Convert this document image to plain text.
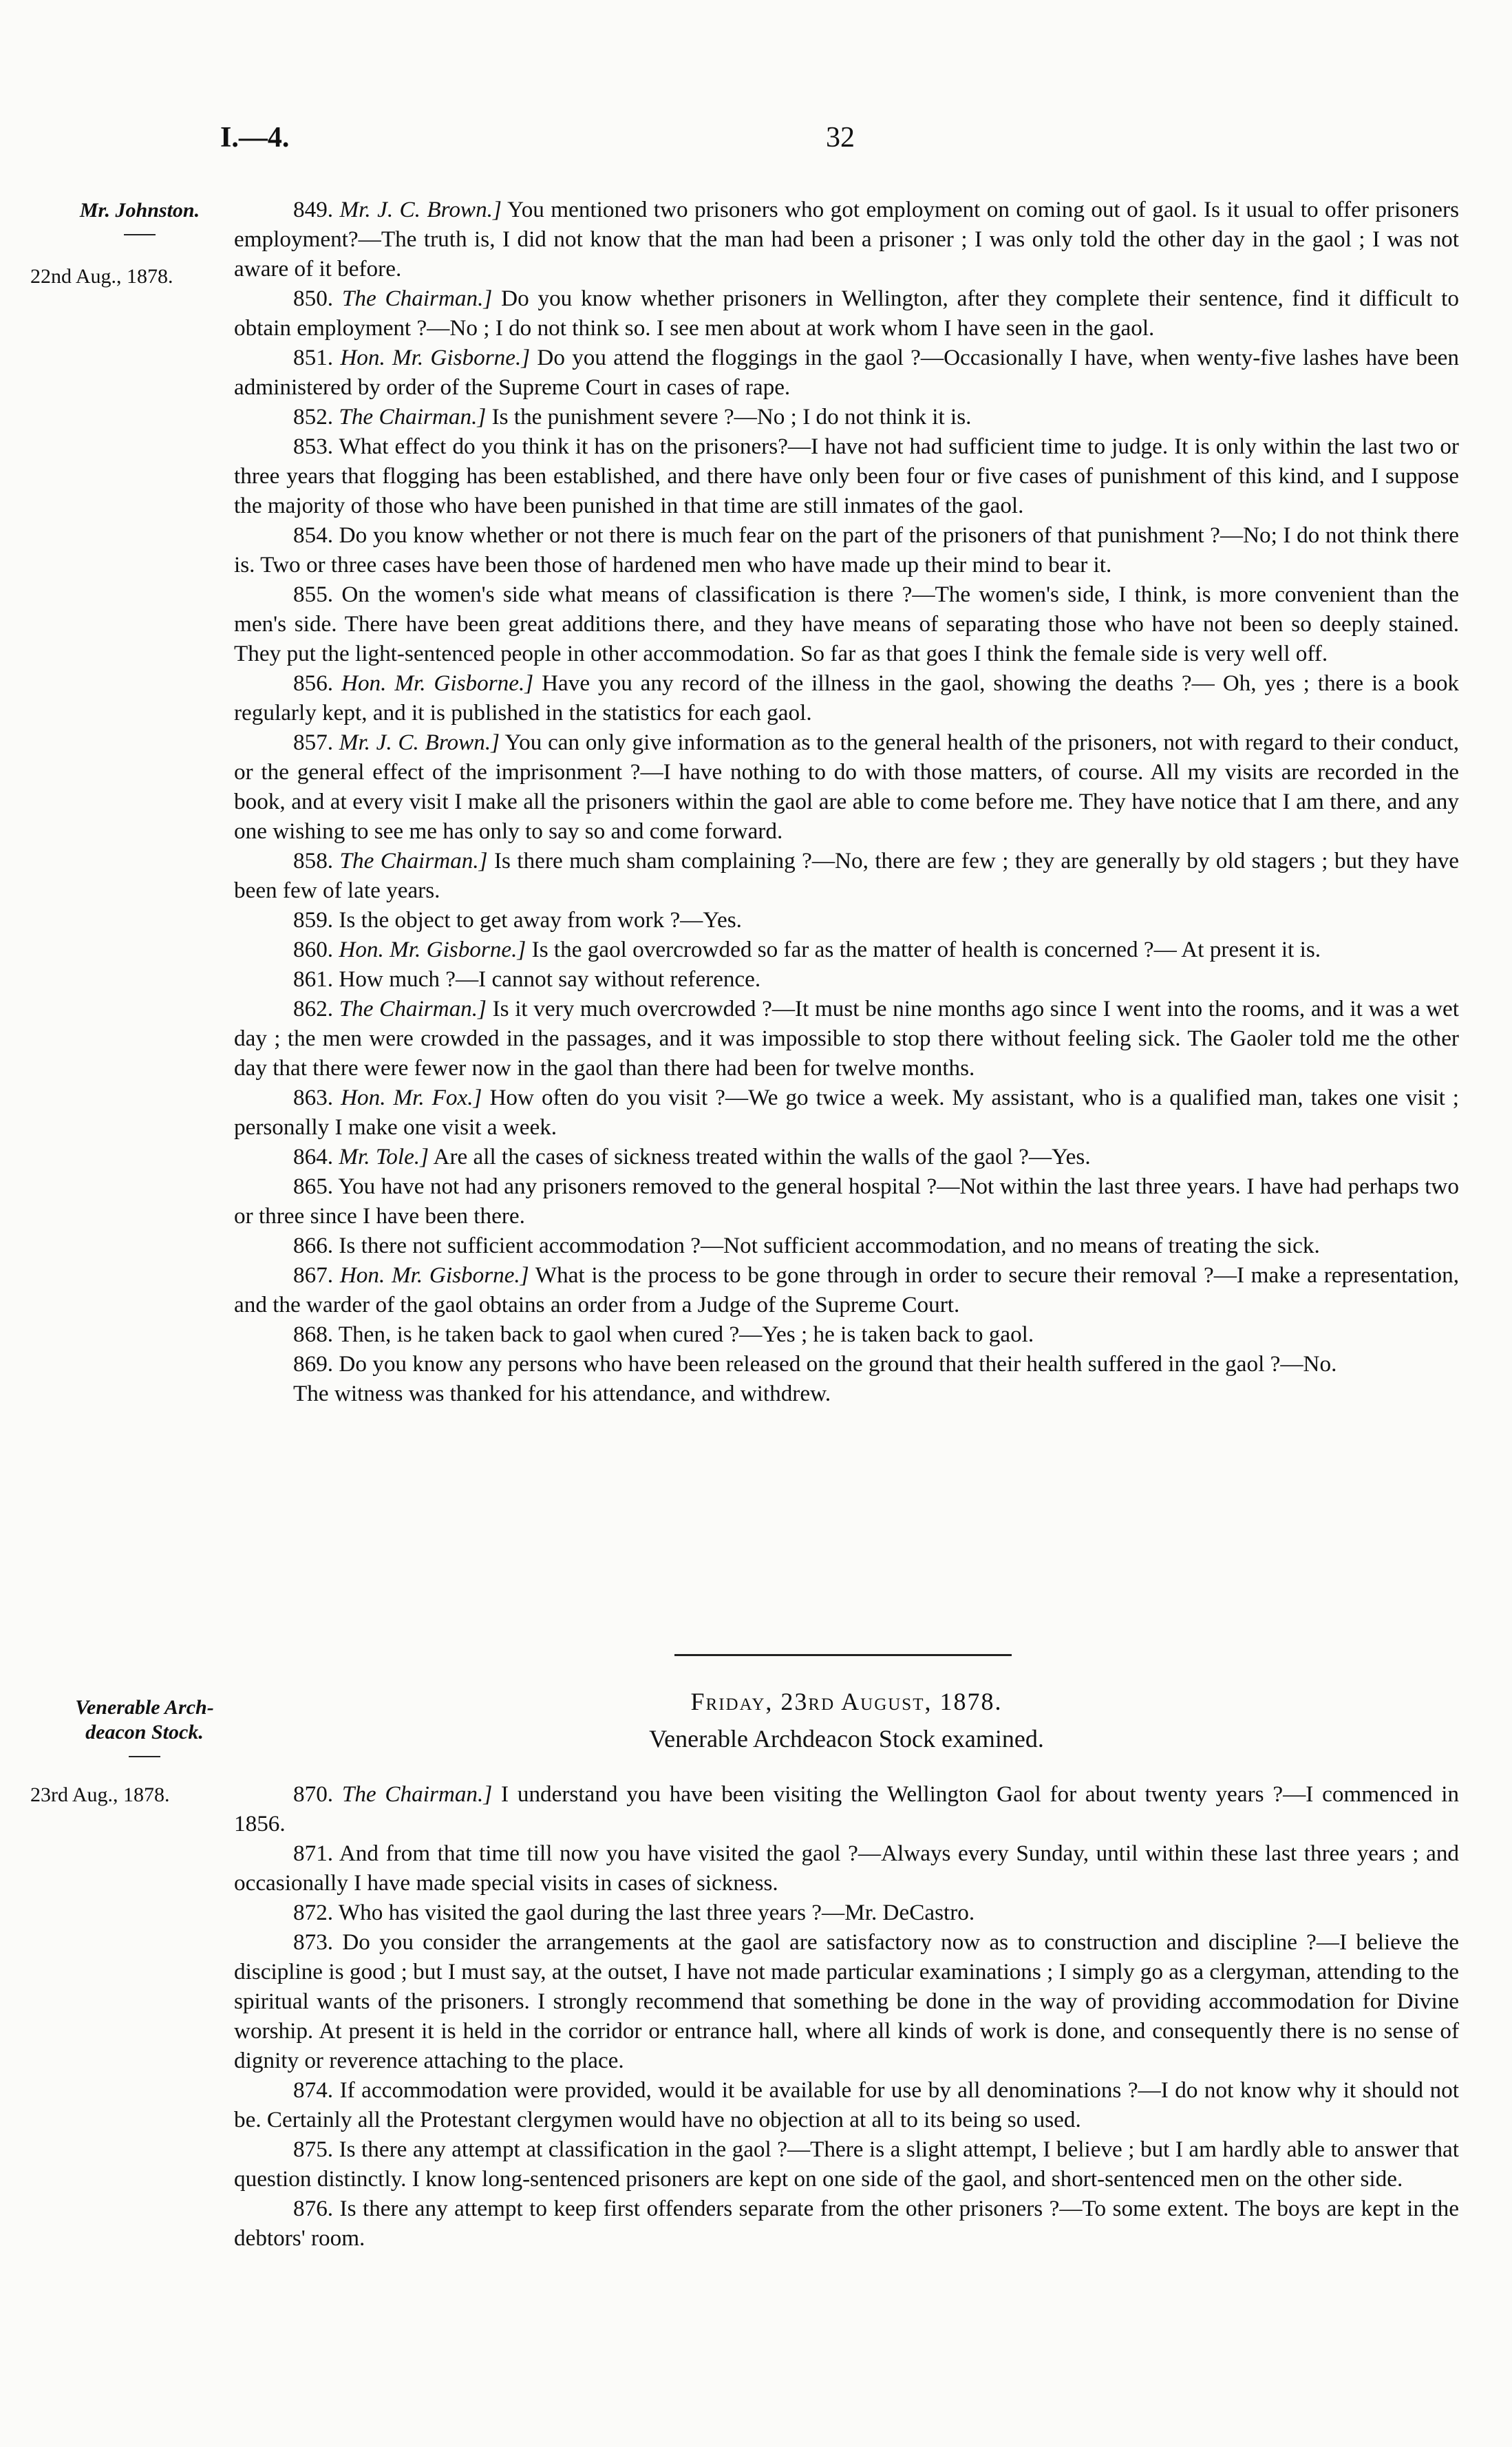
I.—4.	32
Mr. Johnston.
22nd Aug., 1878.

849. Mr. J. C. Brown.] You mentioned two prisoners who got employment on coming out of gaol. Is it usual to offer prisoners employment?—The truth is, I did not know that the man had been a prisoner ; I was only told the other day in the gaol ; I was not aware of it before.

850. The Chairman.] Do you know whether prisoners in Wellington, after they complete their sentence, find it difficult to obtain employment ?—No ; I do not think so. I see men about at work whom I have seen in the gaol.

851. Hon. Mr. Gisborne.] Do you attend the floggings in the gaol ?—Occasionally I have, when wenty-five lashes have been administered by order of the Supreme Court in cases of rape.

852. The Chairman.] Is the punishment severe ?—No ; I do not think it is.

853. What effect do you think it has on the prisoners?—I have not had sufficient time to judge. It is only within the last two or three years that flogging has been established, and there have only been four or five cases of punishment of this kind, and I suppose the majority of those who have been punished in that time are still inmates of the gaol.

854. Do you know whether or not there is much fear on the part of the prisoners of that punishment ?—No; I do not think there is. Two or three cases have been those of hardened men who have made up their mind to bear it.

855. On the women's side what means of classification is there ?—The women's side, I think, is more convenient than the men's side. There have been great additions there, and they have means of separating those who have not been so deeply stained. They put the light-sentenced people in other accommodation. So far as that goes I think the female side is very well off.

856. Hon. Mr. Gisborne.] Have you any record of the illness in the gaol, showing the deaths ?— Oh, yes ; there is a book regularly kept, and it is published in the statistics for each gaol.

857. Mr. J. C. Brown.] You can only give information as to the general health of the prisoners, not with regard to their conduct, or the general effect of the imprisonment ?—I have nothing to do with those matters, of course. All my visits are recorded in the book, and at every visit I make all the prisoners within the gaol are able to come before me. They have notice that I am there, and any one wishing to see me has only to say so and come forward.

858. The Chairman.] Is there much sham complaining ?—No, there are few ; they are generally by old stagers ; but they have been few of late years.

859. Is the object to get away from work ?—Yes.

860. Hon. Mr. Gisborne.] Is the gaol overcrowded so far as the matter of health is concerned ?— At present it is.

861. How much ?—I cannot say without reference.

862. The Chairman.] Is it very much overcrowded ?—It must be nine months ago since I went into the rooms, and it was a wet day ; the men were crowded in the passages, and it was impossible to stop there without feeling sick. The Gaoler told me the other day that there were fewer now in the gaol than there had been for twelve months.

863. Hon. Mr. Fox.] How often do you visit ?—We go twice a week. My assistant, who is a qualified man, takes one visit ; personally I make one visit a week.

864. Mr. Tole.] Are all the cases of sickness treated within the walls of the gaol ?—Yes.

865. You have not had any prisoners removed to the general hospital ?—Not within the last three years. I have had perhaps two or three since I have been there.

866. Is there not sufficient accommodation ?—Not sufficient accommodation, and no means of treating the sick.

867. Hon. Mr. Gisborne.] What is the process to be gone through in order to secure their removal ?—I make a representation, and the warder of the gaol obtains an order from a Judge of the Supreme Court.

868. Then, is he taken back to gaol when cured ?—Yes ; he is taken back to gaol.

869. Do you know any persons who have been released on the ground that their health suffered in the gaol ?—No.

The witness was thanked for his attendance, and withdrew.

Friday, 23rd August, 1878.
Venerable Archdeacon Stock examined.
Venerable Arch-
deacon Stock.
23rd Aug., 1878.	870. The Chairman.] I understand you have been visiting the Wellington Gaol for about twenty years ?—I commenced in 1856.

871. And from that time till now you have visited the gaol ?—Always every Sunday, until within these last three years ; and occasionally I have made special visits in cases of sickness.

872. Who has visited the gaol during the last three years ?—Mr. DeCastro.

873. Do you consider the arrangements at the gaol are satisfactory now as to construction and discipline ?—I believe the discipline is good ; but I must say, at the outset, I have not made particular examinations ; I simply go as a clergyman, attending to the spiritual wants of the prisoners. I strongly recommend that something be done in the way of providing accommodation for Divine worship. At present it is held in the corridor or entrance hall, where all kinds of work is done, and consequently there is no sense of dignity or reverence attaching to the place.

874. If accommodation were provided, would it be available for use by all denominations ?—I do not know why it should not be. Certainly all the Protestant clergymen would have no objection at all to its being so used.

875. Is there any attempt at classification in the gaol ?—There is a slight attempt, I believe ; but I am hardly able to answer that question distinctly. I know long-sentenced prisoners are kept on one side of the gaol, and short-sentenced men on the other side.

876. Is there any attempt to keep first offenders separate from the other prisoners ?—To some extent. The boys are kept in the debtors' room.
